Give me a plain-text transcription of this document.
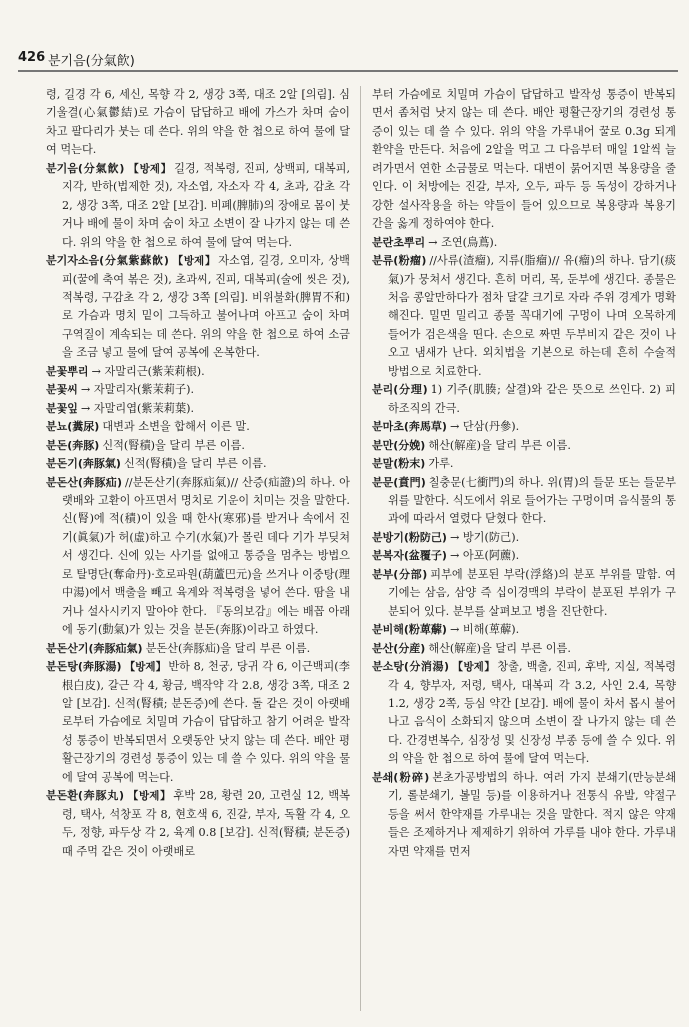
426 분기음(分氣飮)

령, 길경 각 6, 세신, 목향 각 2, 생강 3쪽, 대조 2알 [의림]. 심기울결(心氣鬱結)로 가슴이 답답하고 배에 가스가 차며 숨이 차고 팔다리가 붓는 데 쓴다. 위의 약을 한 첩으로 하여 물에 달여 먹는다.

분기음(分氣飮) 【방제】 길경, 적복령, 진피, 상백피, 대복피, 지각, 반하(법제한 것), 자소엽, 자소자 각 4, 초과, 감초 각 2, 생강 3쪽, 대조 2알 [보감]. 비폐(脾肺)의 장애로 몸이 붓거나 배에 물이 차며 숨이 차고 소변이 잘 나가지 않는 데 쓴다. 위의 약을 한 첩으로 하여 물에 달여 먹는다.

분기자소음(分氣紫蘇飮) 【방제】 자소엽, 길경, 오미자, 상백피(꿀에 축여 볶은 것), 초과씨, 진피, 대복피(술에 씻은 것), 적복령, 구감초 각 2, 생강 3쪽 [의림]. 비위불화(脾胃不和)로 가슴과 명치 밑이 그득하고 불어나며 아프고 숨이 차며 구역질이 계속되는 데 쓴다. 위의 약을 한 첩으로 하여 소금을 조금 넣고 물에 달여 공복에 온복한다.

분꽃뿌리 → 자말리근(紫茉莉根).

분꽃씨 → 자말리자(紫茉莉子).

분꽃잎 → 자말리엽(紫茉莉葉).

분뇨(糞尿) 대변과 소변을 합해서 이른 말.

분돈(奔豚) 신적(腎積)을 달리 부른 이름.

분돈기(奔豚氣) 신적(腎積)을 달리 부른 이름.

분돈산(奔豚疝) //분돈산기(奔豚疝氣)// 산증(疝證)의 하나. 아랫배와 고환이 아프면서 명치로 기운이 치미는 것을 말한다. 신(腎)에 적(積)이 있을 때 한사(寒邪)를 받거나 속에서 진기(眞氣)가 허(虛)하고 수기(水氣)가 몰린 데다 기가 부딪쳐서 생긴다. 신에 있는 사기를 없애고 통증을 멈추는 방법으로 탈명단(奪命丹)·호로파원(葫蘆巴元)을 쓰거나 이중탕(理中湯)에서 백출을 빼고 육계와 적복령을 넣어 쓴다. 땀을 내거나 설사시키지 말아야 한다. 『동의보감』에는 배꼽 아래에 동기(動氣)가 있는 것을 분돈(奔豚)이라고 하였다.

분돈산기(奔豚疝氣) 분돈산(奔豚疝)을 달리 부른 이름.

분돈탕(奔豚湯) 【방제】 반하 8, 천궁, 당귀 각 6, 이근백피(李根白皮), 갈근 각 4, 황금, 백작약 각 2.8, 생강 3쪽, 대조 2알 [보감]. 신적(腎積; 분돈증)에 쓴다. 돌 같은 것이 아랫배로부터 가슴에로 치밀며 가슴이 답답하고 참기 어려운 발작성 통증이 반복되면서 오랫동안 낫지 않는 데 쓴다. 배안 평활근장기의 경련성 통증이 있는 데 쓸 수 있다. 위의 약을 물에 달여 공복에 먹는다.

분돈환(奔豚丸) 【방제】 후박 28, 황련 20, 고련실 12, 백복령, 택사, 석창포 각 8, 현호색 6, 진갈, 부자, 독활 각 4, 오두, 정향, 파두상 각 2, 육계 0.8 [보감]. 신적(腎積; 분돈증) 때 주먹 같은 것이 아랫배로

부터 가슴에로 치밀며 가슴이 답답하고 발작성 통증이 반복되면서 좀처럼 낫지 않는 데 쓴다. 배안 평활근장기의 경련성 통증이 있는 데 쓸 수 있다. 위의 약을 가루내어 꿀로 0.3g 되게 환약을 만든다. 처음에 2알을 먹고 그 다음부터 매일 1알씩 늘려가면서 연한 소금물로 먹는다. 대변이 묽어지면 복용량을 줄인다. 이 처방에는 진갈, 부자, 오두, 파두 등 독성이 강하거나 강한 설사작용을 하는 약들이 들어 있으므로 복용량과 복용기간을 옳게 정하여야 한다.

분란초뿌리 → 조연(鳥蔦).

분류(粉瘤) //사류(渣瘤), 지류(脂瘤)// 유(瘤)의 하나. 담기(痰氣)가 뭉쳐서 생긴다. 흔히 머리, 목, 둔부에 생긴다. 종물은 처음 콩알만하다가 점차 달걀 크기로 자라 주위 경계가 명확해진다. 밀면 밀리고 종물 꼭대기에 구멍이 나며 오목하게 들어가 검은색을 띤다. 손으로 짜면 두부비지 같은 것이 나오고 냄새가 난다. 외치법을 기본으로 하는데 흔히 수술적 방법으로 치료한다.

분리(分理) 1) 기주(肌腠; 살결)와 같은 뜻으로 쓰인다. 2) 피하조직의 간극.

분마초(奔馬草) → 단삼(丹參).

분만(分娩) 해산(解産)을 달리 부른 이름.

분말(粉末) 가루.

분문(賁門) 칠충문(七衝門)의 하나. 위(胃)의 들문 또는 들문부위를 말한다. 식도에서 위로 들어가는 구멍이며 음식물의 통과에 따라서 열렸다 닫혔다 한다.

분방기(粉防己) → 방기(防己).

분복자(盆覆子) → 아포(阿藨).

분부(分部) 피부에 분포된 부락(浮絡)의 분포 부위를 말함. 여기에는 삼음, 삼양 즉 십이경맥의 부락이 분포된 부위가 구분되어 있다. 분부를 살펴보고 병을 진단한다.

분비해(粉萆薢) → 비해(萆薢).

분산(分産) 해산(解産)을 달리 부른 이름.

분소탕(分消湯) 【방제】 창출, 백출, 진피, 후박, 지실, 적복령 각 4, 향부자, 저령, 택사, 대복피 각 3.2, 사인 2.4, 목향 1.2, 생강 2쪽, 등심 약간 [보감]. 배에 물이 차서 몹시 불어나고 음식이 소화되지 않으며 소변이 잘 나가지 않는 데 쓴다. 간경변복수, 심장성 및 신장성 부종 등에 쓸 수 있다. 위의 약을 한 첩으로 하여 물에 달여 먹는다.

분쇄(粉碎) 본초가공방법의 하나. 여러 가지 분쇄기(만능분쇄기, 롤분쇄기, 볼밀 등)를 이용하거나 전통식 유발, 약절구 등을 써서 한약재를 가루내는 것을 말한다. 적지 않은 약재들은 조제하거나 제제하기 위하여 가루를 내야 한다. 가루내자면 약재를 먼저
